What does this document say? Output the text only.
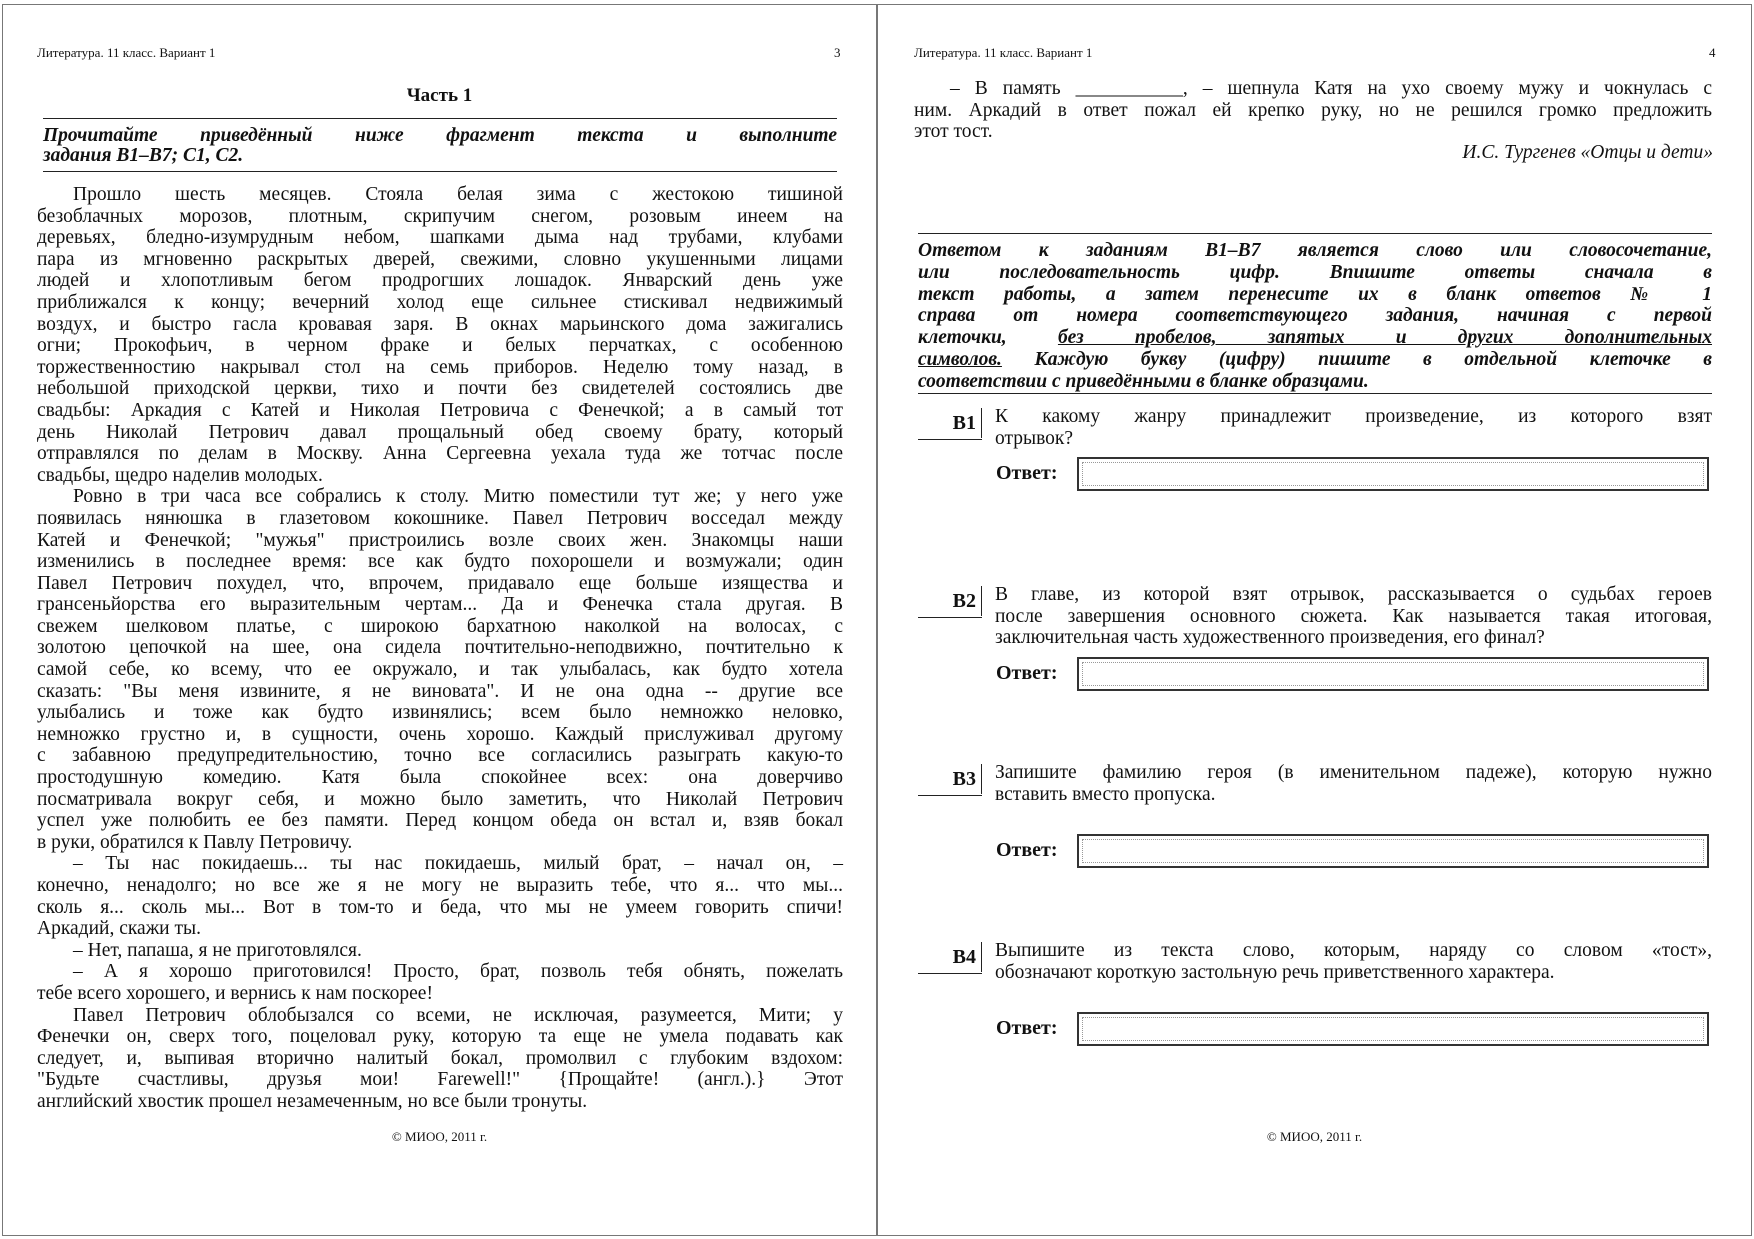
Литература. 11 класс. Вариант 1	3
Часть 1
Прочитайте приведённый ниже фрагмент текста и выполните
задания B1–B7; C1, C2.
Прошло шесть месяцев. Стояла белая зима с жестокою тишиной
безоблачных морозов, плотным, скрипучим снегом, розовым инеем на
деревьях, бледно-изумрудным небом, шапками дыма над трубами, клубами
пара из мгновенно раскрытых дверей, свежими, словно укушенными лицами
людей и хлопотливым бегом продрогших лошадок. Январский день уже
приближался к концу; вечерний холод еще сильнее стискивал недвижимый
воздух, и быстро гасла кровавая заря. В окнах марьинского дома зажигались
огни; Прокофьич, в черном фраке и белых перчатках, с особенною
торжественностию накрывал стол на семь приборов. Неделю тому назад, в
небольшой приходской церкви, тихо и почти без свидетелей состоялись две
свадьбы: Аркадия с Катей и Николая Петровича с Фенечкой; а в самый тот
день Николай Петрович давал прощальный обед своему брату, который
отправлялся по делам в Москву. Анна Сергеевна уехала туда же тотчас после
свадьбы, щедро наделив молодых.
Ровно в три часа все собрались к столу. Митю поместили тут же; у него уже
появилась нянюшка в глазетовом кокошнике. Павел Петрович восседал между
Катей и Фенечкой; "мужья" пристроились возле своих жен. Знакомцы наши
изменились в последнее время: все как будто похорошели и возмужали; один
Павел Петрович похудел, что, впрочем, придавало еще больше изящества и
грансеньйорства его выразительным чертам... Да и Фенечка стала другая. В
свежем шелковом платье, с широкою бархатною наколкой на волосах, с
золотою цепочкой на шее, она сидела почтительно-неподвижно, почтительно к
самой себе, ко всему, что ее окружало, и так улыбалась, как будто хотела
сказать: "Вы меня извините, я не виновата". И не она одна -- другие все
улыбались и тоже как будто извинялись; всем было немножко неловко,
немножко грустно и, в сущности, очень хорошо. Каждый прислуживал другому
с забавною предупредительностию, точно все согласились разыграть какую-то
простодушную комедию. Катя была спокойнее всех: она доверчиво
посматривала вокруг себя, и можно было заметить, что Николай Петрович
успел уже полюбить ее без памяти. Перед концом обеда он встал и, взяв бокал
в руки, обратился к Павлу Петровичу.
– Ты нас покидаешь... ты нас покидаешь, милый брат, – начал он, –
конечно, ненадолго; но все же я не могу не выразить тебе, что я... что мы...
сколь я... сколь мы... Вот в том-то и беда, что мы не умеем говорить спичи!
Аркадий, скажи ты.
– Нет, папаша, я не приготовлялся.
– А я хорошо приготовился! Просто, брат, позволь тебя обнять, пожелать
тебе всего хорошего, и вернись к нам поскорее!
Павел Петрович облобызался со всеми, не исключая, разумеется, Мити; у
Фенечки он, сверх того, поцеловал руку, которую та еще не умела подавать как
следует, и, выпивая вторично налитый бокал, промолвил с глубоким вздохом:
"Будьте счастливы, друзья мои! Farewell!" {Прощайте! (англ.).} Этот
английский хвостик прошел незамеченным, но все были тронуты.
© МИОО, 2011 г.
Литература. 11 класс. Вариант 1	4
– В память ___________, – шепнула Катя на ухо своему мужу и чокнулась с
ним. Аркадий в ответ пожал ей крепко руку, но не решился громко предложить
этот тост.
И.С. Тургенев «Отцы и дети»
Ответом к заданиям B1–B7 является слово или словосочетание,
или последовательность цифр. Впишите ответы сначала в
текст работы, а затем перенесите их в бланк ответов № 1
справа от номера соответствующего задания, начиная с первой
клеточки, без пробелов, запятых и других дополнительных
символов. Каждую букву (цифру) пишите в отдельной клеточке в
соответствии с приведёнными в бланке образцами.
B1 К какому жанру принадлежит произведение, из которого взят
отрывок?
Ответ:
B2 В главе, из которой взят отрывок, рассказывается о судьбах героев
после завершения основного сюжета. Как называется такая итоговая,
заключительная часть художественного произведения, его финал?
Ответ:
B3 Запишите фамилию героя (в именительном падеже), которую нужно
вставить вместо пропуска.
Ответ:
B4 Выпишите из текста слово, которым, наряду со словом «тост»,
обозначают короткую застольную речь приветственного характера.
Ответ:
© МИОО, 2011 г.
